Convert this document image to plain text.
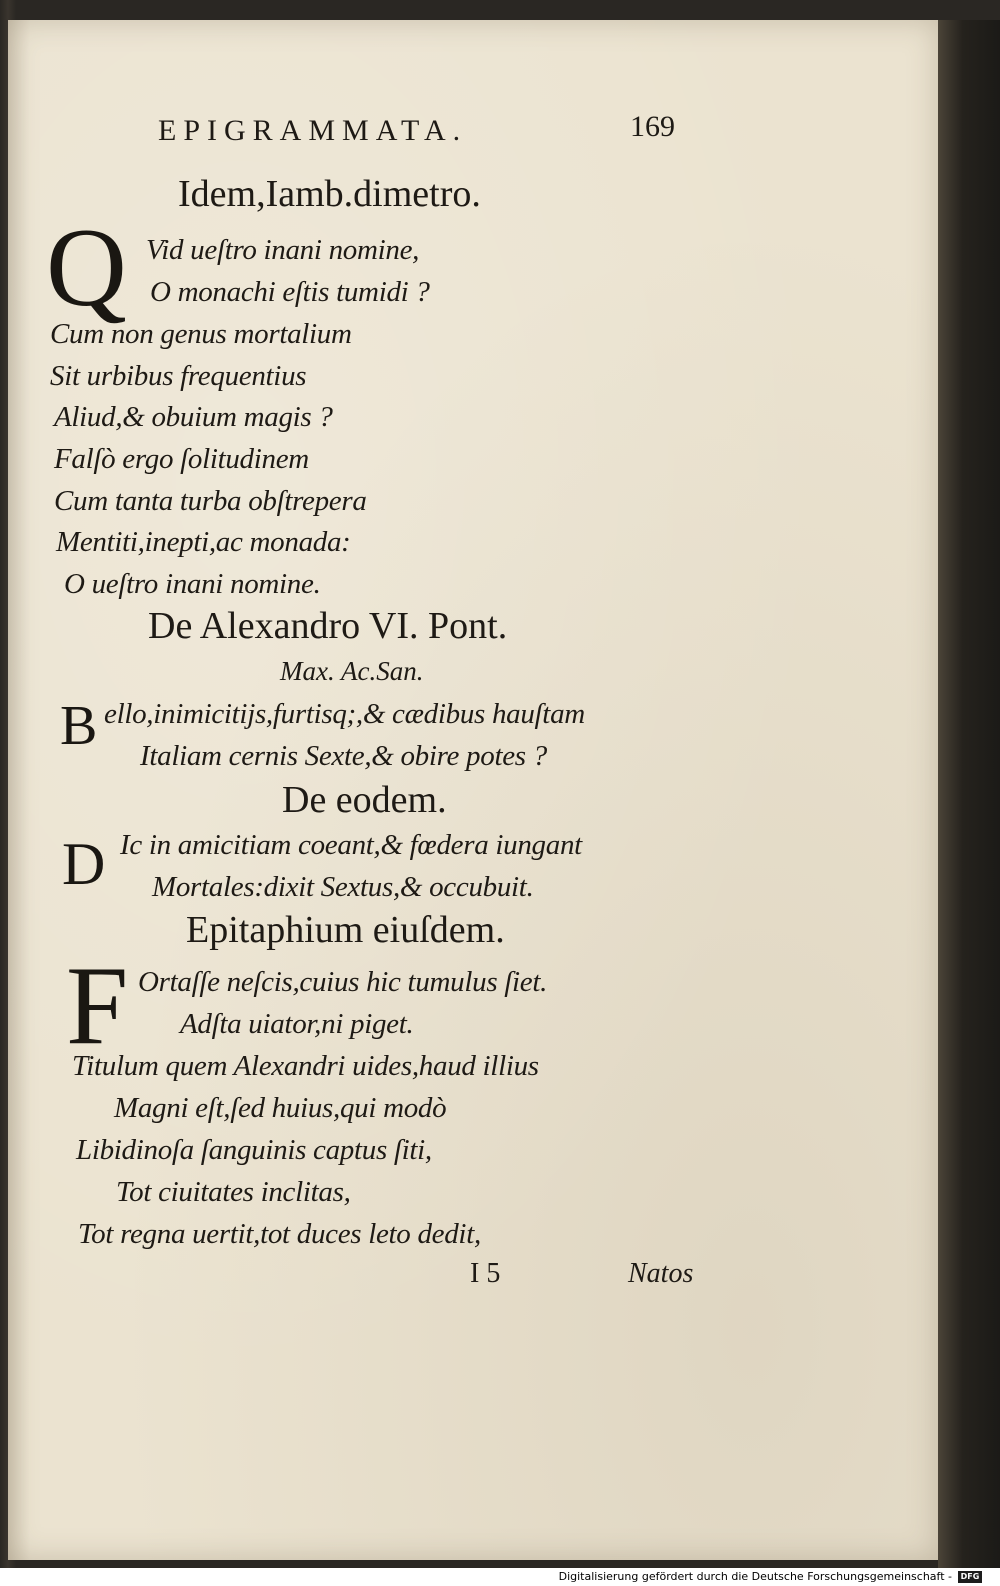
EPIGRAMMATA.	169
Idem,Iamb.dimetro.
Q Vid ueſtro inani nomine,
O monachi eſtis tumidi ?
Cum non genus mortalium
Sit urbibus frequentius
Aliud,& obuium magis ?
Falſò ergo ſolitudinem
Cum tanta turba obſtrepera
Mentiti,inepti,ac monada:
O ueſtro inani nomine.
De Alexandro VI. Pont.
Max. Ac.San.
B ello,inimicitijs,furtisq;,& cædibus hauſtam
Italiam cernis Sexte,& obire potes ?
De eodem.
D Ic in amicitiam coeant,& fœdera iungant
Mortales:dixit Sextus,& occubuit.
Epitaphium eiuſdem.
F Ortaſſe neſcis,cuius hic tumulus ſiet.
Adſta uiator,ni piget.
Titulum quem Alexandri uides,haud illius
Magni eſt,ſed huius,qui modò
Libidinoſa ſanguinis captus ſiti,
Tot ciuitates inclitas,
Tot regna uertit,tot duces leto dedit,
I 5	Natos
Digitalisierung gefördert durch die Deutsche Forschungsgemeinschaft -	DFG
